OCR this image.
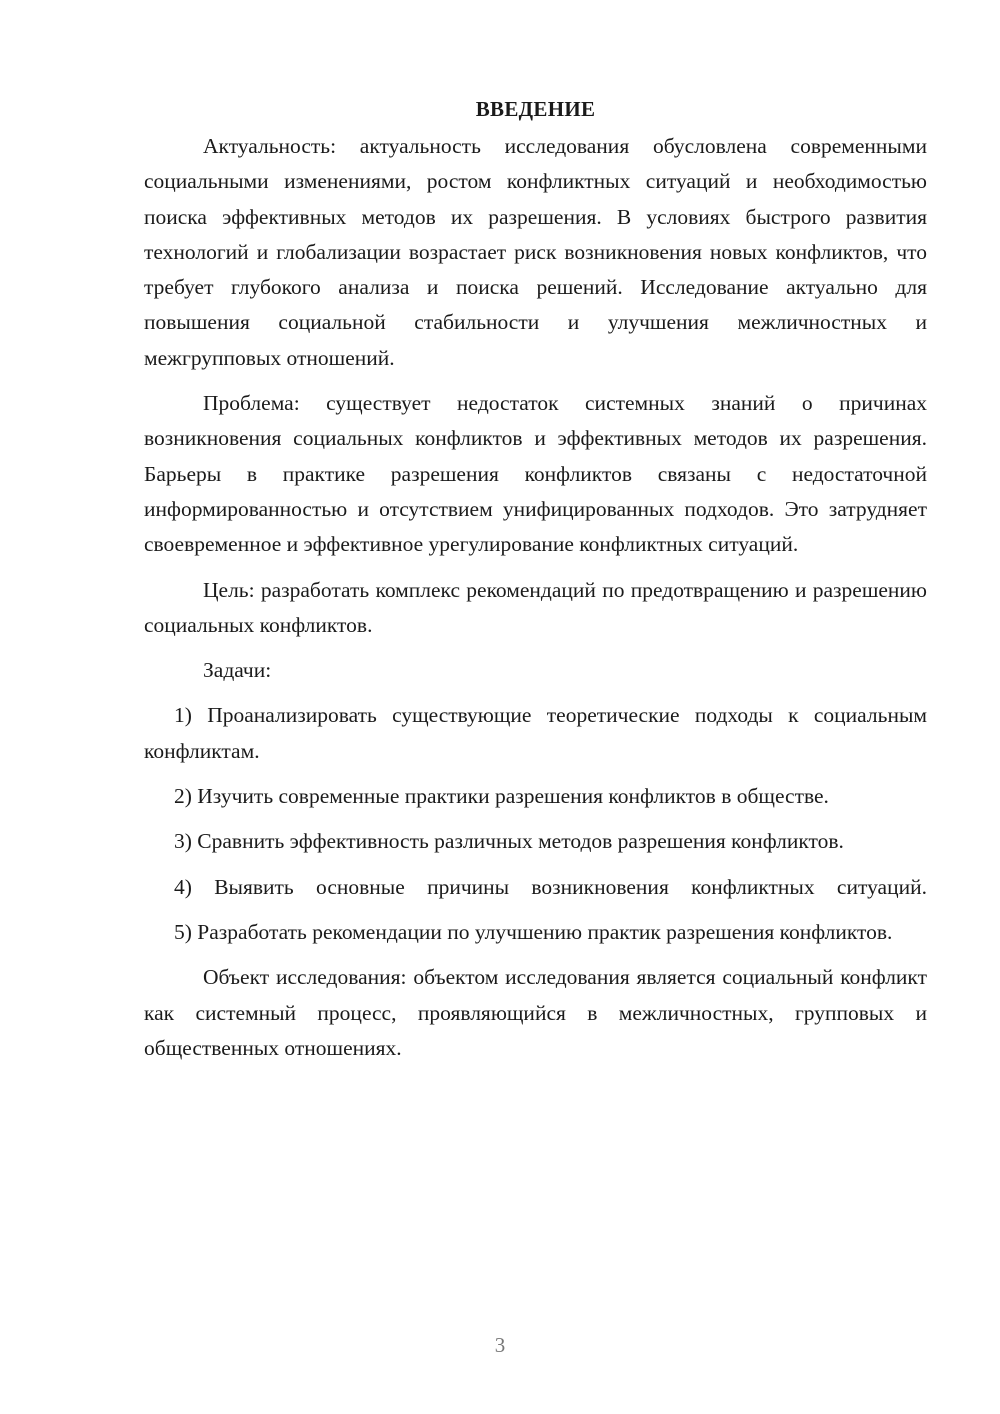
ВВЕДЕНИЕ

Актуальность: актуальность исследования обусловлена современными социальными изменениями, ростом конфликтных ситуаций и необходимостью поиска эффективных методов их разрешения. В условиях быстрого развития технологий и глобализации возрастает риск возникновения новых конфликтов, что требует глубокого анализа и поиска решений. Исследование актуально для повышения социальной стабильности и улучшения межличностных и межгрупповых отношений.

Проблема: существует недостаток системных знаний о причинах возникновения социальных конфликтов и эффективных методов их разрешения. Барьеры в практике разрешения конфликтов связаны с недостаточной информированностью и отсутствием унифицированных подходов. Это затрудняет своевременное и эффективное урегулирование конфликтных ситуаций.

Цель: разработать комплекс рекомендаций по предотвращению и разрешению социальных конфликтов.

Задачи:

1) Проанализировать существующие теоретические подходы к социальным конфликтам.

2) Изучить современные практики разрешения конфликтов в обществе.

3) Сравнить эффективность различных методов разрешения конфликтов.

4) Выявить основные причины возникновения конфликтных ситуаций.

5) Разработать рекомендации по улучшению практик разрешения конфликтов.

Объект исследования: объектом исследования является социальный конфликт как системный процесс, проявляющийся в межличностных, групповых и общественных отношениях.

3
